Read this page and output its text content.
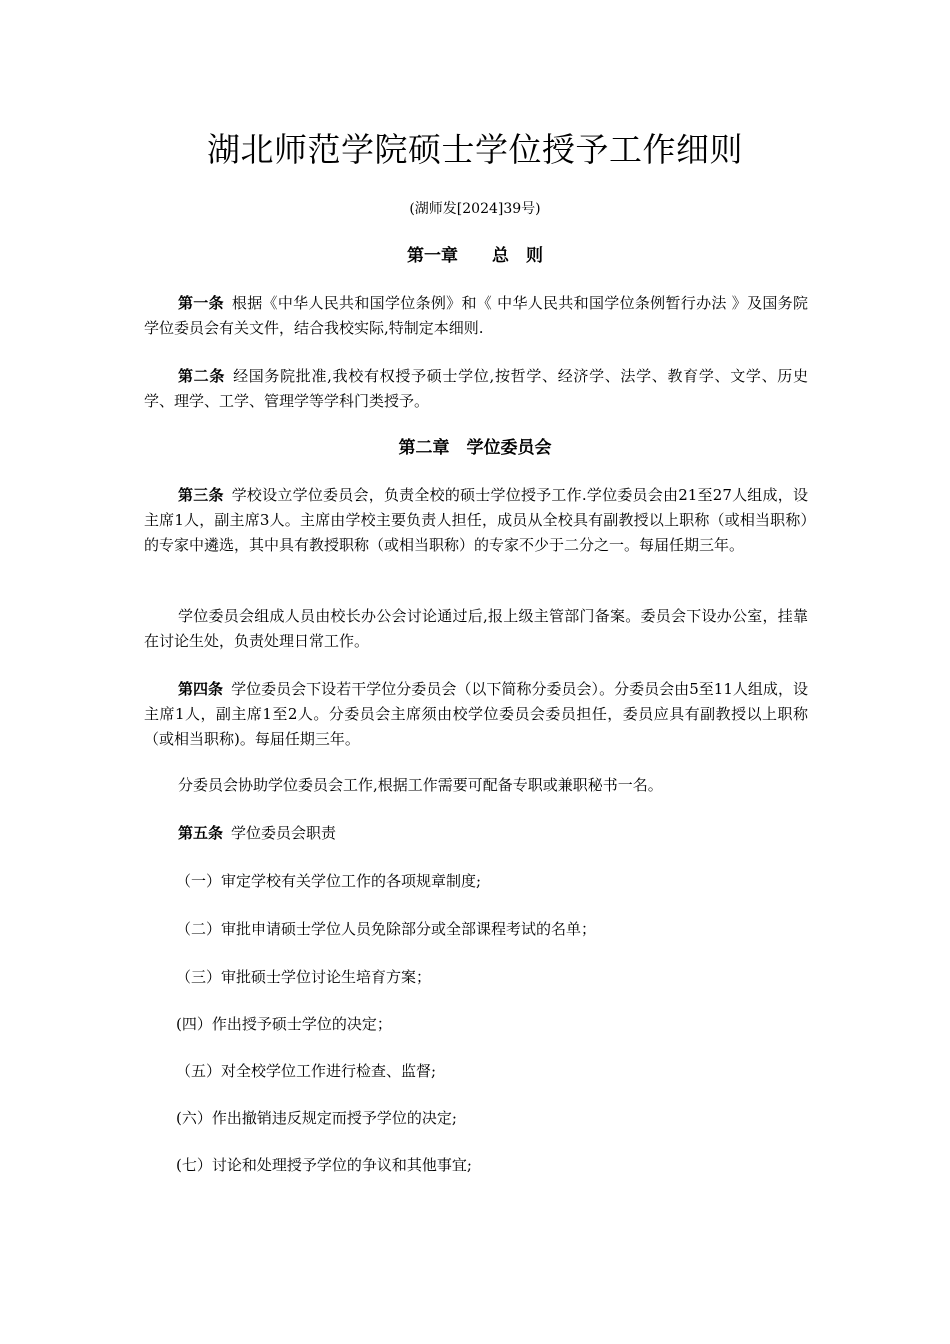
湖北师范学院硕士学位授予工作细则
(湖师发[2024]39号)
第一章　　总　则
第一条 根据《中华人民共和国学位条例》和《 中华人民共和国学位条例暂行办法 》及国务院学位委员会有关文件，结合我校实际,特制定本细则.
第二条 经国务院批准,我校有权授予硕士学位,按哲学、经济学、法学、教育学、文学、历史学、理学、工学、管理学等学科门类授予。
第二章　学位委员会
第三条 学校设立学位委员会，负责全校的硕士学位授予工作.学位委员会由21至27人组成，设主席1人，副主席3人。主席由学校主要负责人担任，成员从全校具有副教授以上职称（或相当职称）的专家中遴选，其中具有教授职称（或相当职称）的专家不少于二分之一。每届任期三年。
学位委员会组成人员由校长办公会讨论通过后,报上级主管部门备案。委员会下设办公室，挂靠在讨论生处，负责处理日常工作。
第四条 学位委员会下设若干学位分委员会（以下简称分委员会）。分委员会由5至11人组成，设主席1人，副主席1至2人。分委员会主席须由校学位委员会委员担任，委员应具有副教授以上职称（或相当职称)。每届任期三年。
分委员会协助学位委员会工作,根据工作需要可配备专职或兼职秘书一名。
第五条 学位委员会职责
（一）审定学校有关学位工作的各项规章制度;
（二）审批申请硕士学位人员免除部分或全部课程考试的名单；
（三）审批硕士学位讨论生培育方案；
(四）作出授予硕士学位的决定；
（五）对全校学位工作进行检查、监督;
(六）作出撤销违反规定而授予学位的决定;
(七）讨论和处理授予学位的争议和其他事宜;
